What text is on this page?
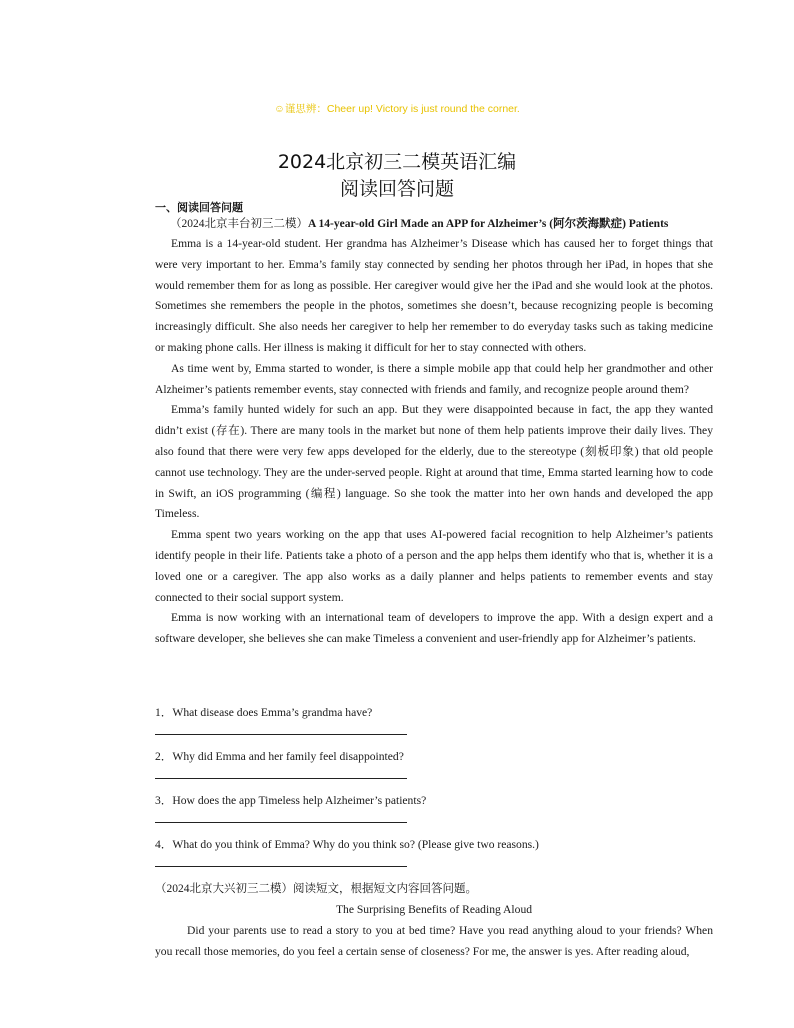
☺谨思辨：Cheer up! Victory is just round the corner.
2024北京初三二模英语汇编
阅读回答问题
一、阅读回答问题
（2024北京丰台初三二模）A 14-year-old Girl Made an APP for Alzheimer’s (阿尔茨海默症) Patients

Emma is a 14-year-old student. Her grandma has Alzheimer’s Disease which has caused her to forget things that were very important to her. Emma’s family stay connected by sending her photos through her iPad, in hopes that she would remember them for as long as possible. Her caregiver would give her the iPad and she would look at the photos. Sometimes she remembers the people in the photos, sometimes she doesn’t, because recognizing people is becoming increasingly difficult. She also needs her caregiver to help her remember to do everyday tasks such as taking medicine or making phone calls. Her illness is making it difficult for her to stay connected with others.

As time went by, Emma started to wonder, is there a simple mobile app that could help her grandmother and other Alzheimer’s patients remember events, stay connected with friends and family, and recognize people around them?

Emma’s family hunted widely for such an app. But they were disappointed because in fact, the app they wanted didn’t exist (存在). There are many tools in the market but none of them help patients improve their daily lives. They also found that there were very few apps developed for the elderly, due to the stereotype (刻板印象) that old people cannot use technology. They are the under-served people. Right at around that time, Emma started learning how to code in Swift, an iOS programming (编程) language. So she took the matter into her own hands and developed the app Timeless.

Emma spent two years working on the app that uses AI-powered facial recognition to help Alzheimer’s patients identify people in their life. Patients take a photo of a person and the app helps them identify who that is, whether it is a loved one or a caregiver. The app also works as a daily planner and helps patients to remember events and stay connected to their social support system.

Emma is now working with an international team of developers to improve the app. With a design expert and a software developer, she believes she can make Timeless a convenient and user-friendly app for Alzheimer’s patients.

1．What disease does Emma’s grandma have?
2．Why did Emma and her family feel disappointed?
3．How does the app Timeless help Alzheimer’s patients?
4．What do you think of Emma? Why do you think so? (Please give two reasons.)
（2024北京大兴初三二模）阅读短文，根据短文内容回答问题。
The Surprising Benefits of Reading Aloud

Did your parents use to read a story to you at bed time? Have you read anything aloud to your friends? When you recall those memories, do you feel a certain sense of closeness? For me, the answer is yes. After reading aloud,
